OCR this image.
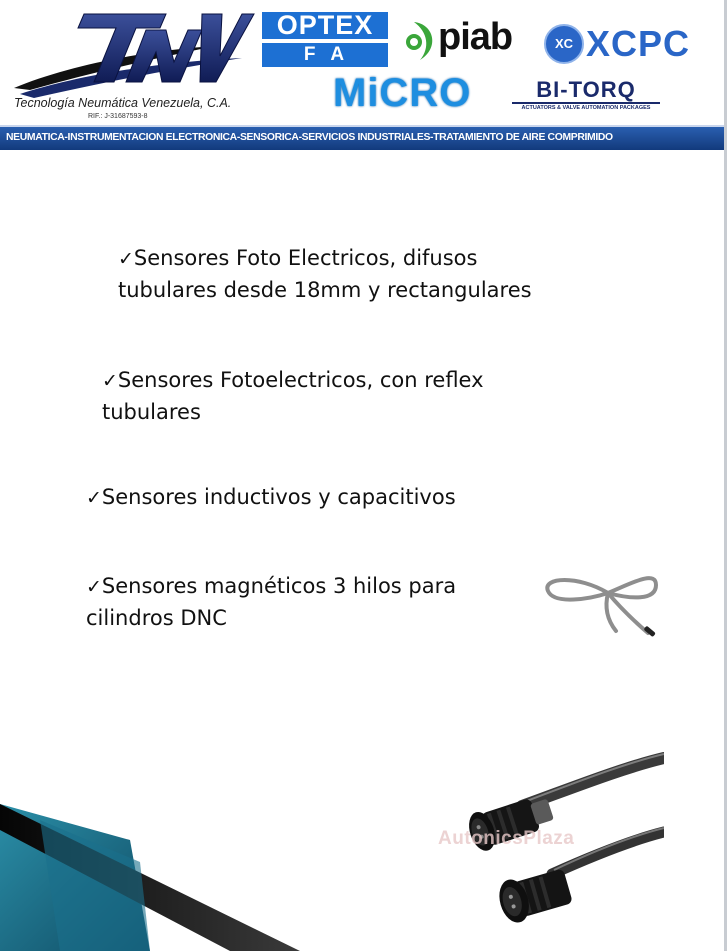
Tecnología Neumática Venezuela, C.A.
RIF.: J-31687593-8
OPTEX
FA	piab	XC XCPC
MiCRO	BI-TORQ
ACTUATORS & VALVE AUTOMATION PACKAGES
NEUMATICA-INSTRUMENTACION ELECTRONICA-SENSORICA-SERVICIOS INDUSTRIALES-TRATAMIENTO DE AIRE COMPRIMIDO
✓Sensores Foto Electricos, difusos
tubulares desde 18mm y rectangulares
✓Sensores Fotoelectricos, con reflex
tubulares
✓Sensores inductivos y capacitivos
✓Sensores magnéticos 3 hilos para
cilindros DNC
AutonicsPlaza
